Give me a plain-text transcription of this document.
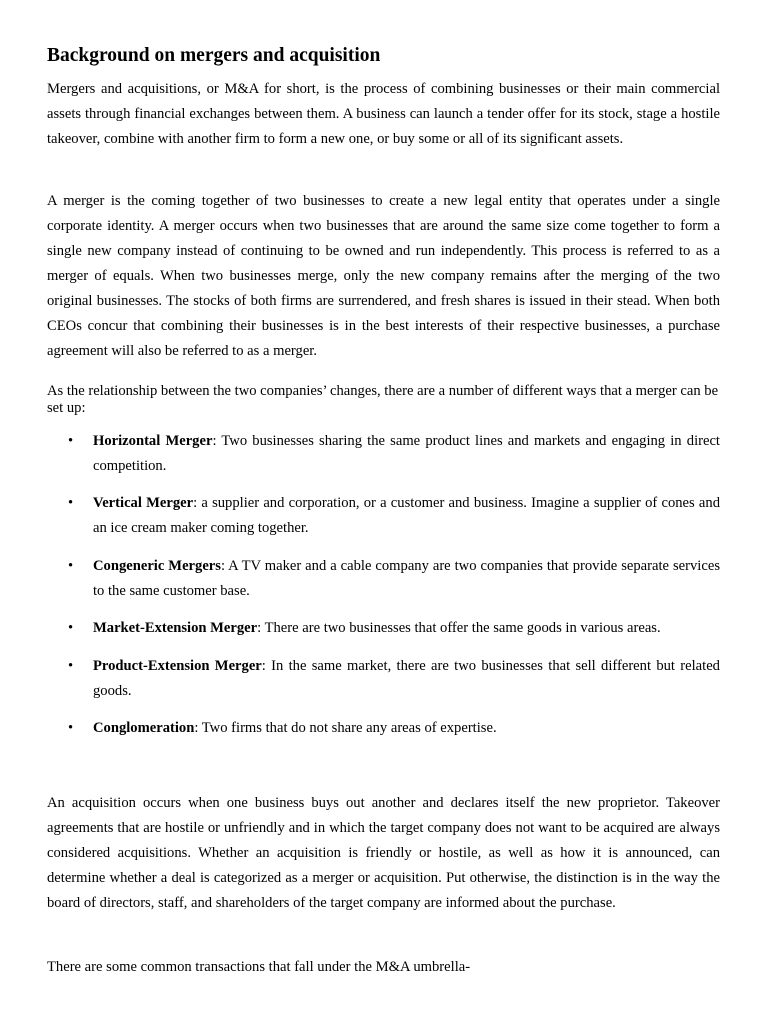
Background on mergers and acquisition

Mergers and acquisitions, or M&A for short, is the process of combining businesses or their main commercial assets through financial exchanges between them. A business can launch a tender offer for its stock, stage a hostile takeover, combine with another firm to form a new one, or buy some or all of its significant assets.

A merger is the coming together of two businesses to create a new legal entity that operates under a single corporate identity. A merger occurs when two businesses that are around the same size come together to form a single new company instead of continuing to be owned and run independently. This process is referred to as a merger of equals. When two businesses merge, only the new company remains after the merging of the two original businesses. The stocks of both firms are surrendered, and fresh shares is issued in their stead. When both CEOs concur that combining their businesses is in the best interests of their respective businesses, a purchase agreement will also be referred to as a merger.

As the relationship between the two companies’ changes, there are a number of different ways that a merger can be set up:

•	Horizontal Merger: Two businesses sharing the same product lines and markets and engaging in direct competition.
•	Vertical Merger: a supplier and corporation, or a customer and business. Imagine a supplier of cones and an ice cream maker coming together.
•	Congeneric Mergers: A TV maker and a cable company are two companies that provide separate services to the same customer base.
•	Market-Extension Merger: There are two businesses that offer the same goods in various areas.
•	Product-Extension Merger: In the same market, there are two businesses that sell different but related goods.
•	Conglomeration: Two firms that do not share any areas of expertise.

An acquisition occurs when one business buys out another and declares itself the new proprietor. Takeover agreements that are hostile or unfriendly and in which the target company does not want to be acquired are always considered acquisitions. Whether an acquisition is friendly or hostile, as well as how it is announced, can determine whether a deal is categorized as a merger or acquisition. Put otherwise, the distinction is in the way the board of directors, staff, and shareholders of the target company are informed about the purchase.

There are some common transactions that fall under the M&A umbrella-
